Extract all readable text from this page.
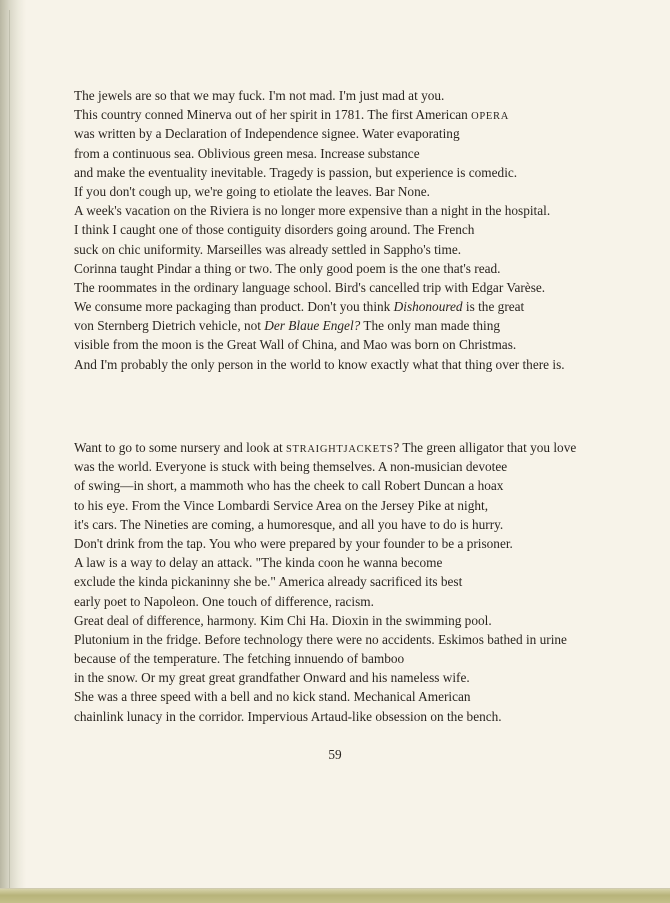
The jewels are so that we may fuck. I'm not mad. I'm just mad at you.
This country conned Minerva out of her spirit in 1781. The first American OPERA
was written by a Declaration of Independence signee. Water evaporating
from a continuous sea. Oblivious green mesa. Increase substance
and make the eventuality inevitable. Tragedy is passion, but experience is comedic.
If you don't cough up, we're going to etiolate the leaves. Bar None.
A week's vacation on the Riviera is no longer more expensive than a night in the hospital.
I think I caught one of those contiguity disorders going around. The French
suck on chic uniformity. Marseilles was already settled in Sappho's time.
Corinna taught Pindar a thing or two. The only good poem is the one that's read.
The roommates in the ordinary language school. Bird's cancelled trip with Edgar Varèse.
We consume more packaging than product. Don't you think Dishonoured is the great
von Sternberg Dietrich vehicle, not Der Blaue Engel? The only man made thing
visible from the moon is the Great Wall of China, and Mao was born on Christmas.
And I'm probably the only person in the world to know exactly what that thing over there is.
Want to go to some nursery and look at STRAIGHTJACKETS? The green alligator that you love
was the world. Everyone is stuck with being themselves. A non-musician devotee
of swing—in short, a mammoth who has the cheek to call Robert Duncan a hoax
to his eye. From the Vince Lombardi Service Area on the Jersey Pike at night,
it's cars. The Nineties are coming, a humoresque, and all you have to do is hurry.
Don't drink from the tap. You who were prepared by your founder to be a prisoner.
A law is a way to delay an attack. "The kinda coon he wanna become
exclude the kinda pickaninny she be." America already sacrificed its best
early poet to Napoleon. One touch of difference, racism.
Great deal of difference, harmony. Kim Chi Ha. Dioxin in the swimming pool.
Plutonium in the fridge. Before technology there were no accidents. Eskimos bathed in urine
because of the temperature. The fetching innuendo of bamboo
in the snow. Or my great great grandfather Onward and his nameless wife.
She was a three speed with a bell and no kick stand. Mechanical American
chainlink lunacy in the corridor. Impervious Artaud-like obsession on the bench.
59
